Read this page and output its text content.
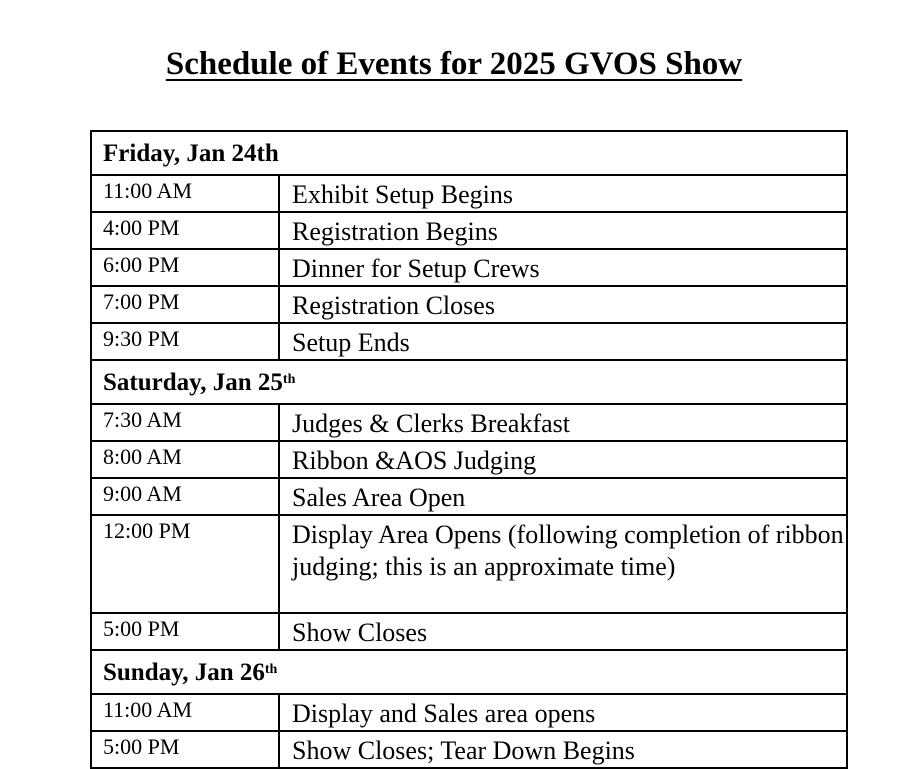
Schedule of Events for 2025 GVOS Show
Friday, Jan 24th	
11:00 AM	Exhibit Setup Begins
4:00 PM	Registration Begins
6:00 PM	Dinner for Setup Crews
7:00 PM	Registration Closes
9:30 PM	Setup Ends
Saturday, Jan 25th
7:30 AM	Judges & Clerks Breakfast
8:00 AM	Ribbon &AOS Judging
9:00 AM	Sales Area Open
12:00 PM	Display Area Opens (following completion of ribbon judging; this is an approximate time)
5:00 PM	Show Closes
Sunday, Jan 26th
11:00 AM	Display and Sales area opens
5:00 PM	Show Closes; Tear Down Begins
